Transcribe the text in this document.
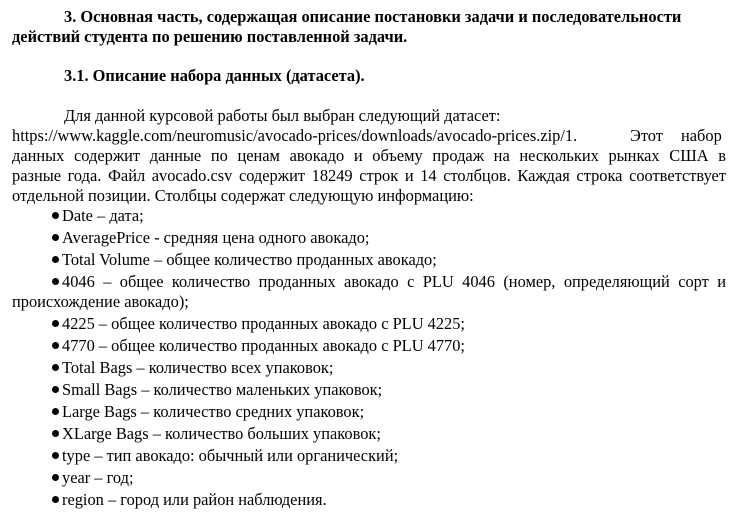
3. Основная часть, содержащая описание постановки задачи и последовательности
действий студента по решению поставленной задачи.
3.1. Описание набора данных (датасета).
Для данной курсовой работы был выбран следующий датасет:
https://www.kaggle.com/neuromusic/avocado-prices/downloads/avocado-prices.zip/1.	Этот набор
данных содержит данные по ценам авокадо и объему продаж на нескольких рынках США в
разные года. Файл avocado.csv содержит 18249 строк и 14 столбцов. Каждая строка соответствует
отдельной позиции. Столбцы содержат следующую информацию:
Date – дата;
AveragePrice - средняя цена одного авокадо;
Total Volume – общее количество проданных авокадо;
4046 – общее количество проданных авокадо с PLU 4046 (номер, определяющий сорт и
происхождение авокадо);
4225 – общее количество проданных авокадо с PLU 4225;
4770 – общее количество проданных авокадо с PLU 4770;
Total Bags – количество всех упаковок;
Small Bags – количество маленьких упаковок;
Large Bags – количество средних упаковок;
XLarge Bags – количество больших упаковок;
type – тип авокадо: обычный или органический;
year – год;
region – город или район наблюдения.
